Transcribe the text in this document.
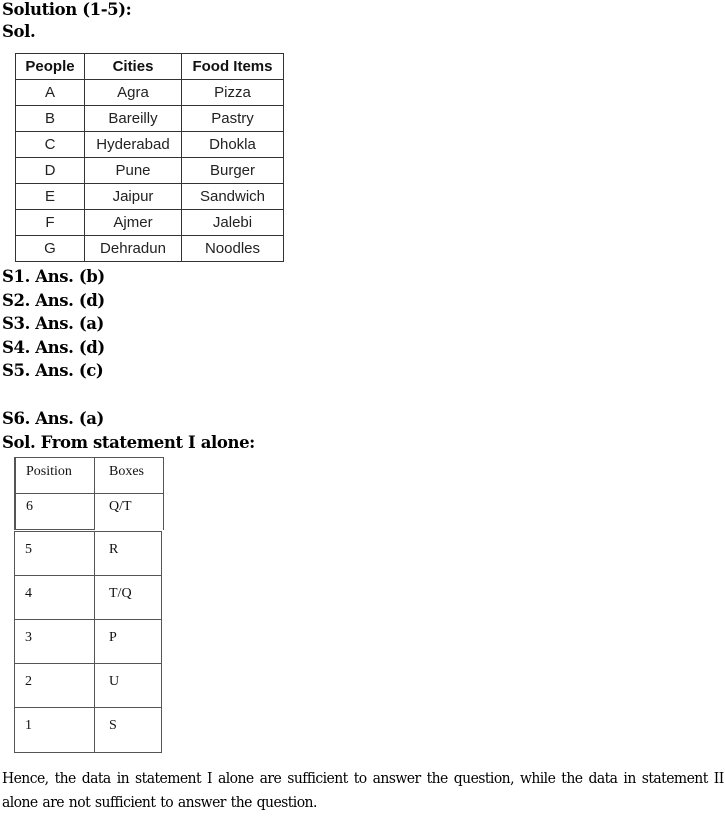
Solution (1-5):
Sol.
People	Cities	Food Items
A	Agra	Pizza
B	Bareilly	Pastry
C	Hyderabad	Dhokla
D	Pune	Burger
E	Jaipur	Sandwich
F	Ajmer	Jalebi
G	Dehradun	Noodles
S1. Ans. (b)
S2. Ans. (d)
S3. Ans. (a)
S4. Ans. (d)
S5. Ans. (c)
S6. Ans. (a)
Sol. From statement I alone:
Position	Boxes
6	Q/T
5	R
4	T/Q
3	P
2	U
1	S
Hence, the data in statement I alone are sufficient to answer the question, while the data in statement II alone are not sufficient to answer the question.
